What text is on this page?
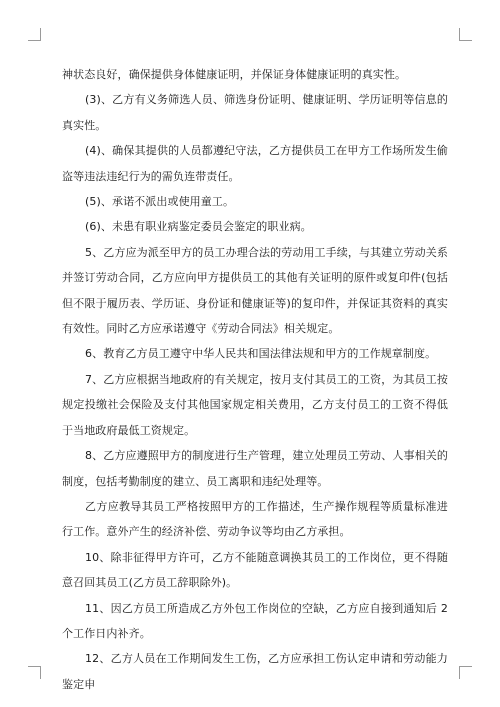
神状态良好，确保提供身体健康证明，并保证身体健康证明的真实性。

(3)、乙方有义务筛选人员、筛选身份证明、健康证明、学历证明等信息的真实性。

(4)、确保其提供的人员都遵纪守法，乙方提供员工在甲方工作场所发生偷盗等违法违纪行为的需负连带责任。

(5)、承诺不派出或使用童工。

(6)、未患有职业病鉴定委员会鉴定的职业病。

5、乙方应为派至甲方的员工办理合法的劳动用工手续，与其建立劳动关系并签订劳动合同，乙方应向甲方提供员工的其他有关证明的原件或复印件(包括但不限于履历表、学历证、身份证和健康证等)的复印件，并保证其资料的真实有效性。同时乙方应承诺遵守《劳动合同法》相关规定。

6、教育乙方员工遵守中华人民共和国法律法规和甲方的工作规章制度。

7、乙方应根据当地政府的有关规定，按月支付其员工的工资，为其员工按规定投缴社会保险及支付其他国家规定相关费用，乙方支付员工的工资不得低于当地政府最低工资规定。

8、乙方应遵照甲方的制度进行生产管理，建立处理员工劳动、人事相关的制度，包括考勤制度的建立、员工离职和违纪处理等。

乙方应教导其员工严格按照甲方的工作描述，生产操作规程等质量标准进行工作。意外产生的经济补偿、劳动争议等均由乙方承担。

10、除非征得甲方许可，乙方不能随意调换其员工的工作岗位，更不得随意召回其员工(乙方员工辞职除外)。

11、因乙方员工所造成乙方外包工作岗位的空缺，乙方应自接到通知后 2 个工作日内补齐。

12、乙方人员在工作期间发生工伤，乙方应承担工伤认定申请和劳动能力鉴定申
